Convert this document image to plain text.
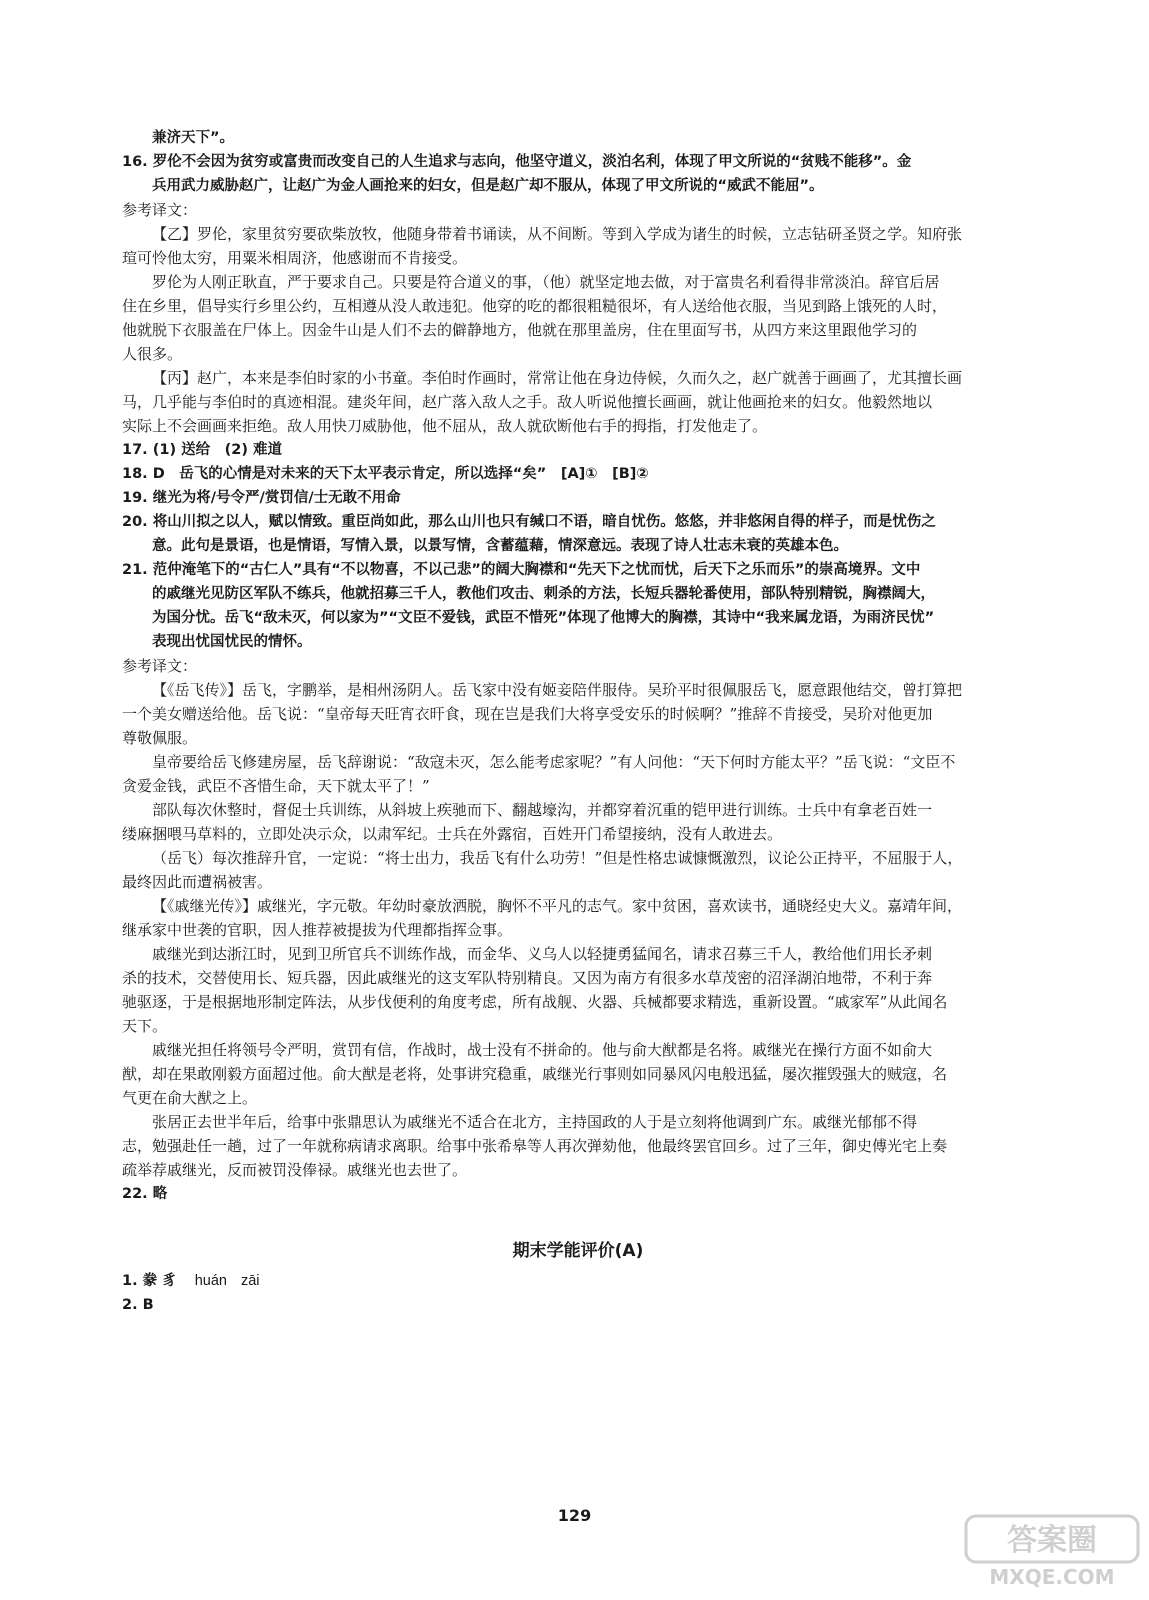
兼济天下”。

16. 罗伦不会因为贫穷或富贵而改变自己的人生追求与志向，他坚守道义，淡泊名利，体现了甲文所说的“贫贱不能移”。金

兵用武力威胁赵广，让赵广为金人画抢来的妇女，但是赵广却不服从，体现了甲文所说的“威武不能屈”。

参考译文：

【乙】罗伦，家里贫穷要砍柴放牧，他随身带着书诵读，从不间断。等到入学成为诸生的时候，立志钻研圣贤之学。知府张

瑄可怜他太穷，用粟米相周济，他感谢而不肯接受。

罗伦为人刚正耿直，严于要求自己。只要是符合道义的事，（他）就坚定地去做，对于富贵名利看得非常淡泊。辞官后居

住在乡里，倡导实行乡里公约，互相遵从没人敢违犯。他穿的吃的都很粗糙很坏，有人送给他衣服，当见到路上饿死的人时，

他就脱下衣服盖在尸体上。因金牛山是人们不去的僻静地方，他就在那里盖房，住在里面写书，从四方来这里跟他学习的

人很多。

【丙】赵广，本来是李伯时家的小书童。李伯时作画时，常常让他在身边侍候，久而久之，赵广就善于画画了，尤其擅长画

马，几乎能与李伯时的真迹相混。建炎年间，赵广落入敌人之手。敌人听说他擅长画画，就让他画抢来的妇女。他毅然地以

实际上不会画画来拒绝。敌人用快刀威胁他，他不屈从，敌人就砍断他右手的拇指，打发他走了。

17. (1) 送给　(2) 难道

18. D　岳飞的心情是对未来的天下太平表示肯定，所以选择“矣”　[A]①　[B]②

19. 继光为将/号令严/赏罚信/士无敢不用命

20. 将山川拟之以人，赋以情致。重臣尚如此，那么山川也只有缄口不语，暗自忧伤。悠悠，并非悠闲自得的样子，而是忧伤之

意。此句是景语，也是情语，写情入景，以景写情，含蓄蕴藉，情深意远。表现了诗人壮志未衰的英雄本色。

21. 范仲淹笔下的“古仁人”具有“不以物喜，不以己悲”的阔大胸襟和“先天下之忧而忧，后天下之乐而乐”的崇高境界。文中

的戚继光见防区军队不练兵，他就招募三千人，教他们攻击、刺杀的方法，长短兵器轮番使用，部队特别精锐，胸襟阔大，

为国分忧。岳飞“敌未灭，何以家为”“文臣不爱钱，武臣不惜死”体现了他博大的胸襟，其诗中“我来属龙语，为雨济民忧”

表现出忧国忧民的情怀。

参考译文：

【《岳飞传》】岳飞，字鹏举，是相州汤阴人。岳飞家中没有姬妾陪伴服侍。吴玠平时很佩服岳飞，愿意跟他结交，曾打算把

一个美女赠送给他。岳飞说：“皇帝每天旺宵衣旰食，现在岂是我们大将享受安乐的时候啊？”推辞不肯接受，吴玠对他更加

尊敬佩服。

皇帝要给岳飞修建房屋，岳飞辞谢说：“敌寇未灭，怎么能考虑家呢？”有人问他：“天下何时方能太平？”岳飞说：“文臣不

贪爱金钱，武臣不吝惜生命，天下就太平了！”

部队每次休整时，督促士兵训练，从斜坡上疾驰而下、翻越壕沟，并都穿着沉重的铠甲进行训练。士兵中有拿老百姓一

缕麻捆喂马草料的，立即处决示众，以肃军纪。士兵在外露宿，百姓开门希望接纳，没有人敢进去。

（岳飞）每次推辞升官，一定说：“将士出力，我岳飞有什么功劳！”但是性格忠诚慷慨激烈，议论公正持平，不屈服于人，

最终因此而遭祸被害。

【《戚继光传》】戚继光，字元敬。年幼时豪放洒脱，胸怀不平凡的志气。家中贫困，喜欢读书，通晓经史大义。嘉靖年间，

继承家中世袭的官职，因人推荐被提拔为代理都指挥佥事。

戚继光到达浙江时，见到卫所官兵不训练作战，而金华、义乌人以轻捷勇猛闻名，请求召募三千人，教给他们用长矛刺

杀的技术，交替使用长、短兵器，因此戚继光的这支军队特别精良。又因为南方有很多水草茂密的沼泽湖泊地带，不利于奔

驰驱逐，于是根据地形制定阵法，从步伐便利的角度考虑，所有战舰、火器、兵械都要求精选，重新设置。“戚家军”从此闻名

天下。

戚继光担任将领号令严明，赏罚有信，作战时，战士没有不拼命的。他与俞大猷都是名将。戚继光在操行方面不如俞大

猷，却在果敢刚毅方面超过他。俞大猷是老将，处事讲究稳重，戚继光行事则如同暴风闪电般迅猛，屡次摧毁强大的贼寇，名

气更在俞大猷之上。

张居正去世半年后，给事中张鼎思认为戚继光不适合在北方，主持国政的人于是立刻将他调到广东。戚继光郁郁不得

志，勉强赴任一趟，过了一年就称病请求离职。给事中张希皋等人再次弹劾他，他最终罢官回乡。过了三年，御史傅光宅上奏

疏举荐戚继光，反而被罚没俸禄。戚继光也去世了。

22. 略

期末学能评价(A)

1. 豢 豸 huán zāi

2. B

129
答案圈
MXQE.COM
